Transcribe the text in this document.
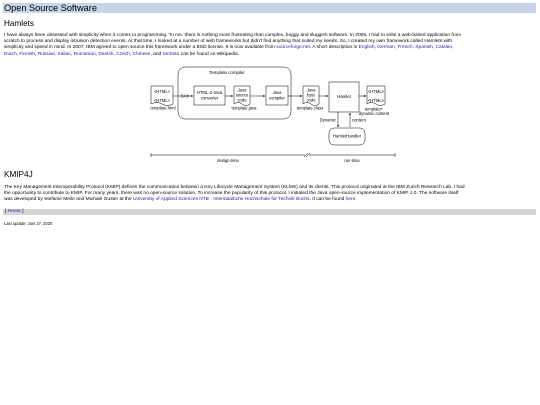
Open Source Software
Hamlets
I have always been obsessed with simplicity when it comes to programming. To me, there is nothing more frustrating than complex, buggy and sluggish software. In 2005, I had to write a web-based application from
scratch to process and display intrusion detection events. At that time, I looked at a number of web frameworks but didn't find anything that suited my needs. So, I created my own framework called Hamlets with
simplicity and speed in mind. In 2007, IBM agreed to open source this framework under a BSD license. It is now available from sourceforge.net. A short description in English, German, French, Spanish, Catalan,
Dutch, Finnish, Russian, Italian, Romanian, Danish, Czech, Chinese, and Serbian can be found on Wikipedia.
Template compiler
<HTML>
<HTML>
template.html
SAX
HTML-2-Java
converter
Java
source
code
template.java
Java
compiler
Java
byte
code
template.class
Hamlet
<HTML>
<HTML>
template+
dynamic content
Dynamic	content
HamletHandler
design-time	run-time
KMIP4J
The Key Management Interoperability Protocol (KMIP) defines the communication between a Key Lifecycle Management System (KLMS) and its clients. This protocol originated at the IBM Zurich Research Lab. I had
the opportunity to contribute to KMIP. For many years, there was no open-source solution. To increase the popularity of this protocol, I initiated the Java open-source implementation of KMIP 1.0. The software itself
was developed by Stefanie Meile and Michael Guster at the University of Applied Sciences NTB - Interstaatliche Hochschule für Technik Buchs. It can be found here.
[ Home ]
Last update: Juni 27, 2020
